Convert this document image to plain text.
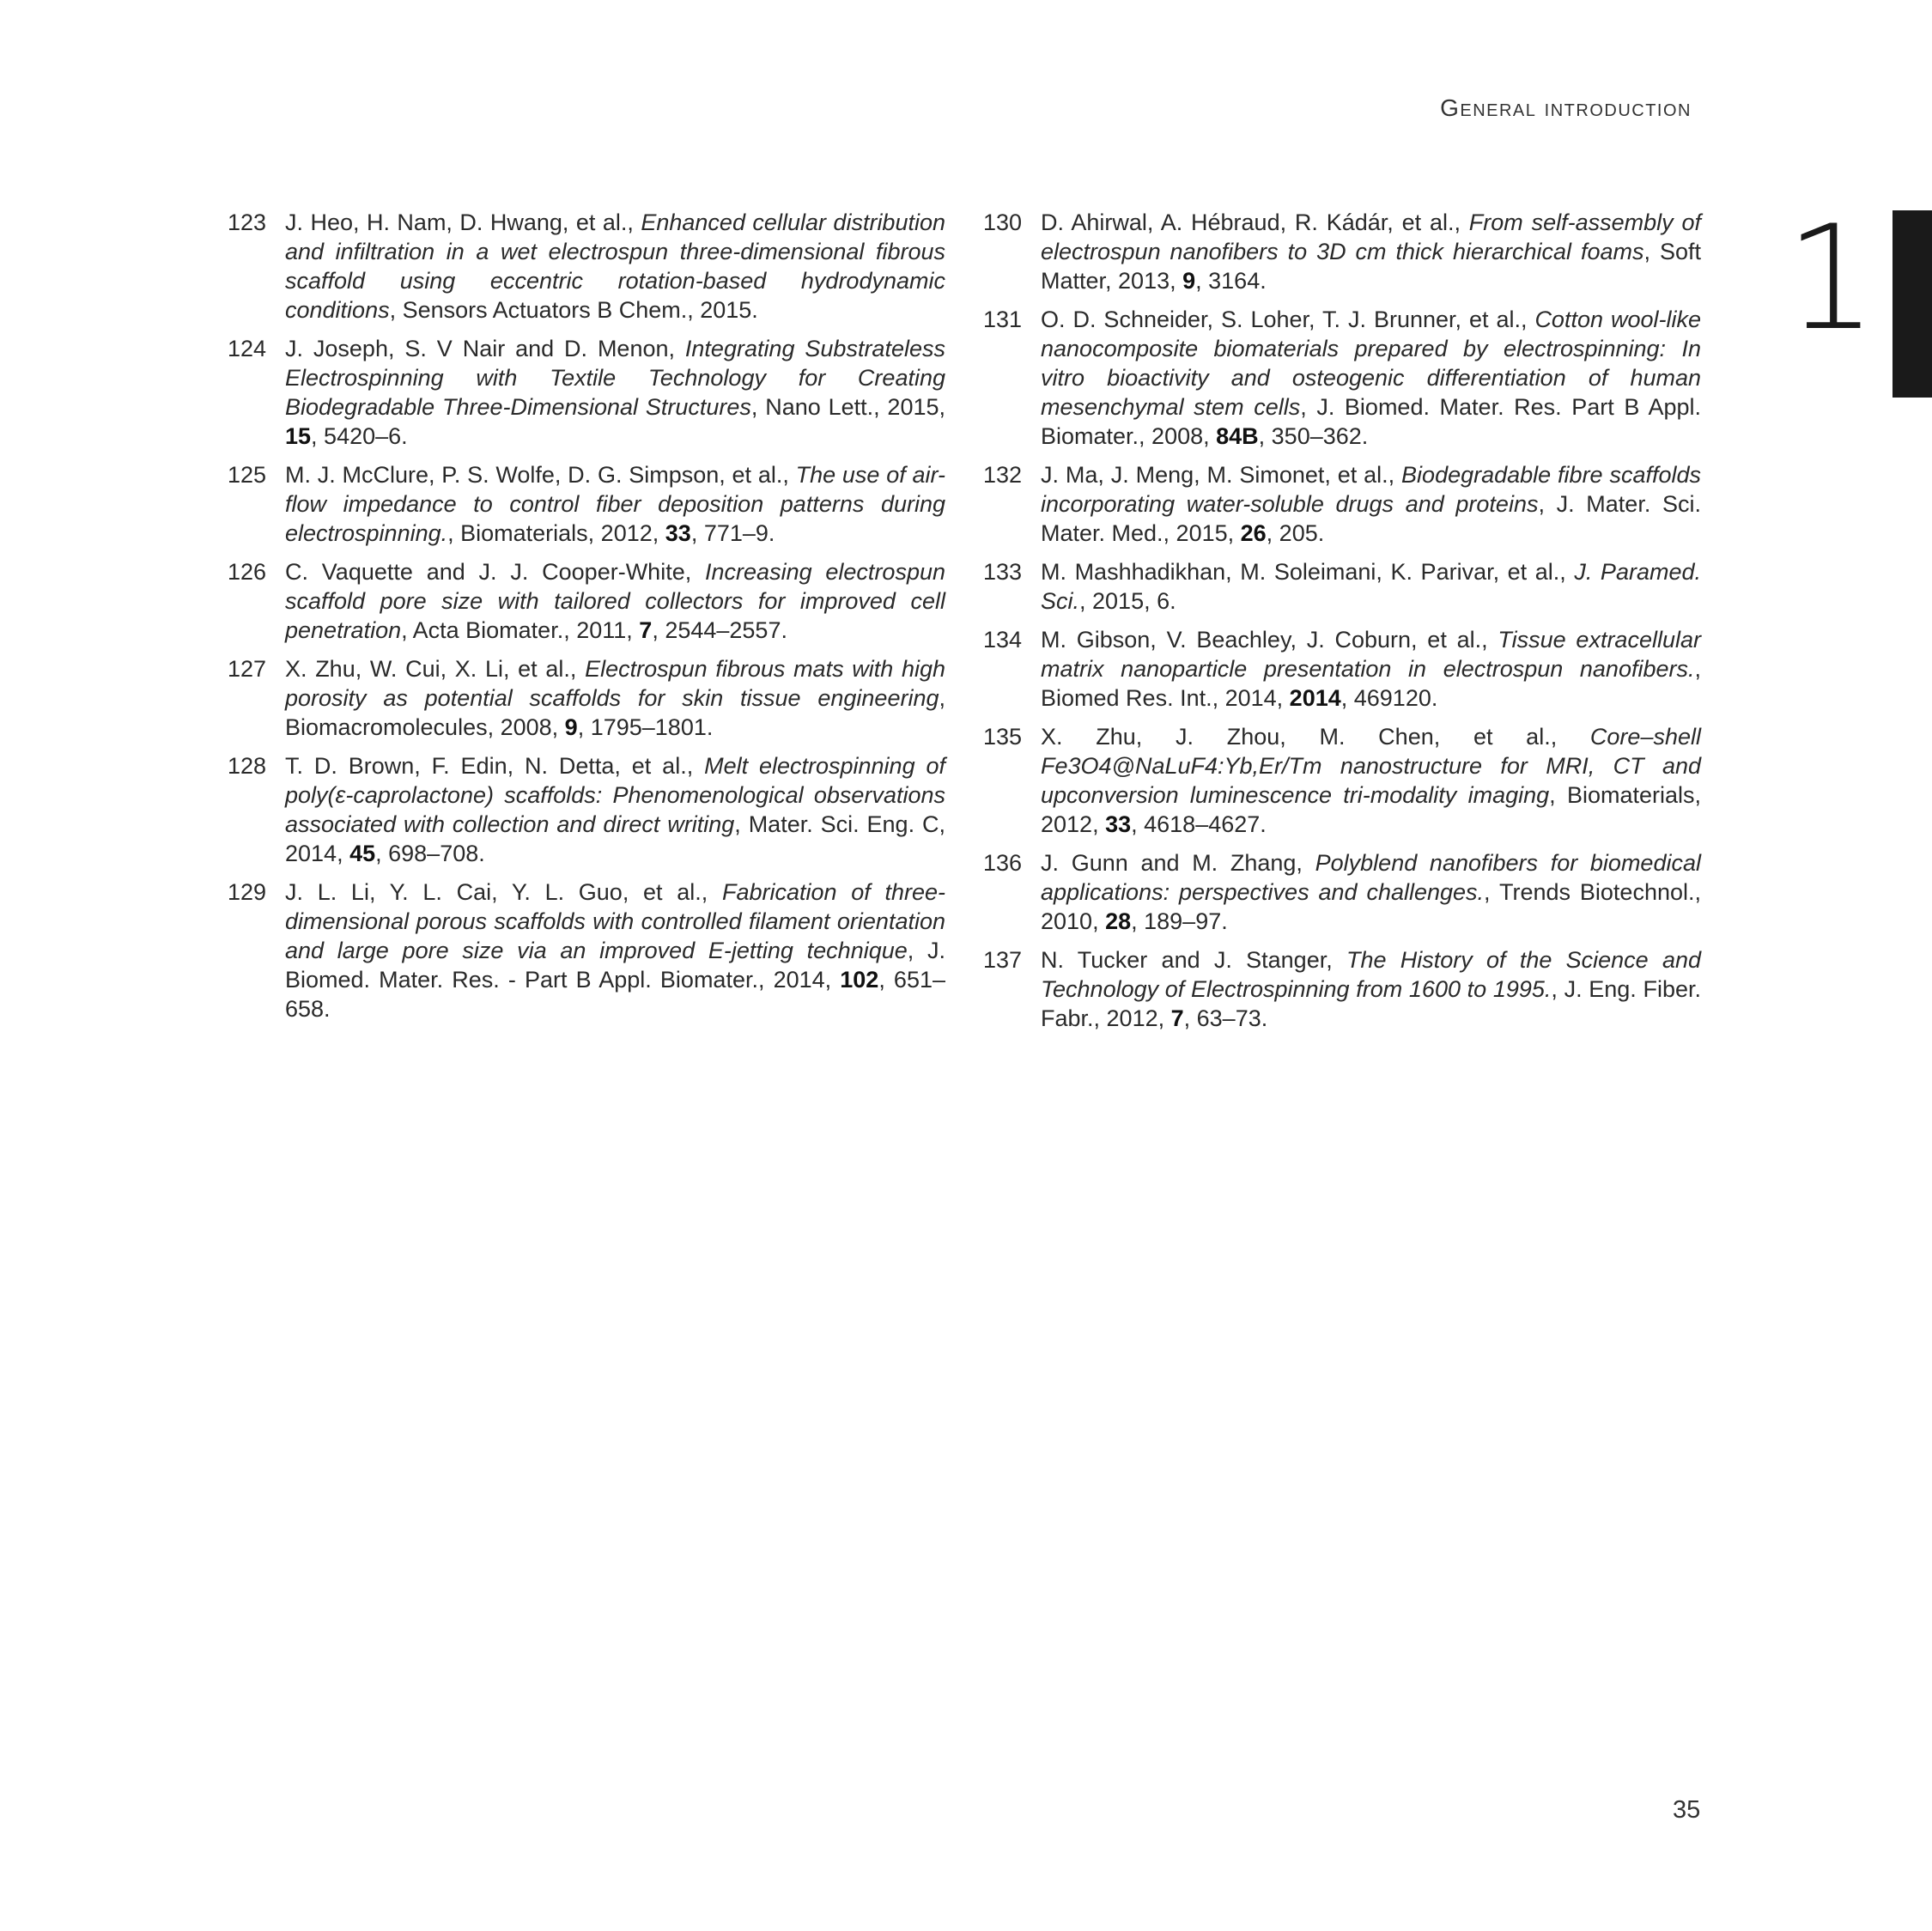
General introduction
1
123 J. Heo, H. Nam, D. Hwang, et al., Enhanced cellular distribution and infiltration in a wet electrospun three-dimensional fibrous scaffold using eccentric rotation-based hydrodynamic conditions, Sensors Actuators B Chem., 2015.
124 J. Joseph, S. V Nair and D. Menon, Integrating Substrateless Electrospinning with Textile Technology for Creating Biodegradable Three-Dimensional Structures, Nano Lett., 2015, 15, 5420–6.
125 M. J. McClure, P. S. Wolfe, D. G. Simpson, et al., The use of air-flow impedance to control fiber deposition patterns during electrospinning., Biomaterials, 2012, 33, 771–9.
126 C. Vaquette and J. J. Cooper-White, Increasing electrospun scaffold pore size with tailored collectors for improved cell penetration, Acta Biomater., 2011, 7, 2544–2557.
127 X. Zhu, W. Cui, X. Li, et al., Electrospun fibrous mats with high porosity as potential scaffolds for skin tissue engineering, Biomacromolecules, 2008, 9, 1795–1801.
128 T. D. Brown, F. Edin, N. Detta, et al., Melt electrospinning of poly(ε-caprolactone) scaffolds: Phenomenological observations associated with collection and direct writing, Mater. Sci. Eng. C, 2014, 45, 698–708.
129 J. L. Li, Y. L. Cai, Y. L. Guo, et al., Fabrication of three-dimensional porous scaffolds with controlled filament orientation and large pore size via an improved E-jetting technique, J. Biomed. Mater. Res. - Part B Appl. Biomater., 2014, 102, 651–658.
130 D. Ahirwal, A. Hébraud, R. Kádár, et al., From self-assembly of electrospun nanofibers to 3D cm thick hierarchical foams, Soft Matter, 2013, 9, 3164.
131 O. D. Schneider, S. Loher, T. J. Brunner, et al., Cotton wool-like nanocomposite biomaterials prepared by electrospinning: In vitro bioactivity and osteogenic differentiation of human mesenchymal stem cells, J. Biomed. Mater. Res. Part B Appl. Biomater., 2008, 84B, 350–362.
132 J. Ma, J. Meng, M. Simonet, et al., Biodegradable fibre scaffolds incorporating water-soluble drugs and proteins, J. Mater. Sci. Mater. Med., 2015, 26, 205.
133 M. Mashhadikhan, M. Soleimani, K. Parivar, et al., J. Paramed. Sci., 2015, 6.
134 M. Gibson, V. Beachley, J. Coburn, et al., Tissue extracellular matrix nanoparticle presentation in electrospun nanofibers., Biomed Res. Int., 2014, 2014, 469120.
135 X. Zhu, J. Zhou, M. Chen, et al., Core–shell Fe3O4@NaLuF4:Yb,Er/Tm nanostructure for MRI, CT and upconversion luminescence tri-modality imaging, Biomaterials, 2012, 33, 4618–4627.
136 J. Gunn and M. Zhang, Polyblend nanofibers for biomedical applications: perspectives and challenges., Trends Biotechnol., 2010, 28, 189–97.
137 N. Tucker and J. Stanger, The History of the Science and Technology of Electrospinning from 1600 to 1995., J. Eng. Fiber. Fabr., 2012, 7, 63–73.
35
